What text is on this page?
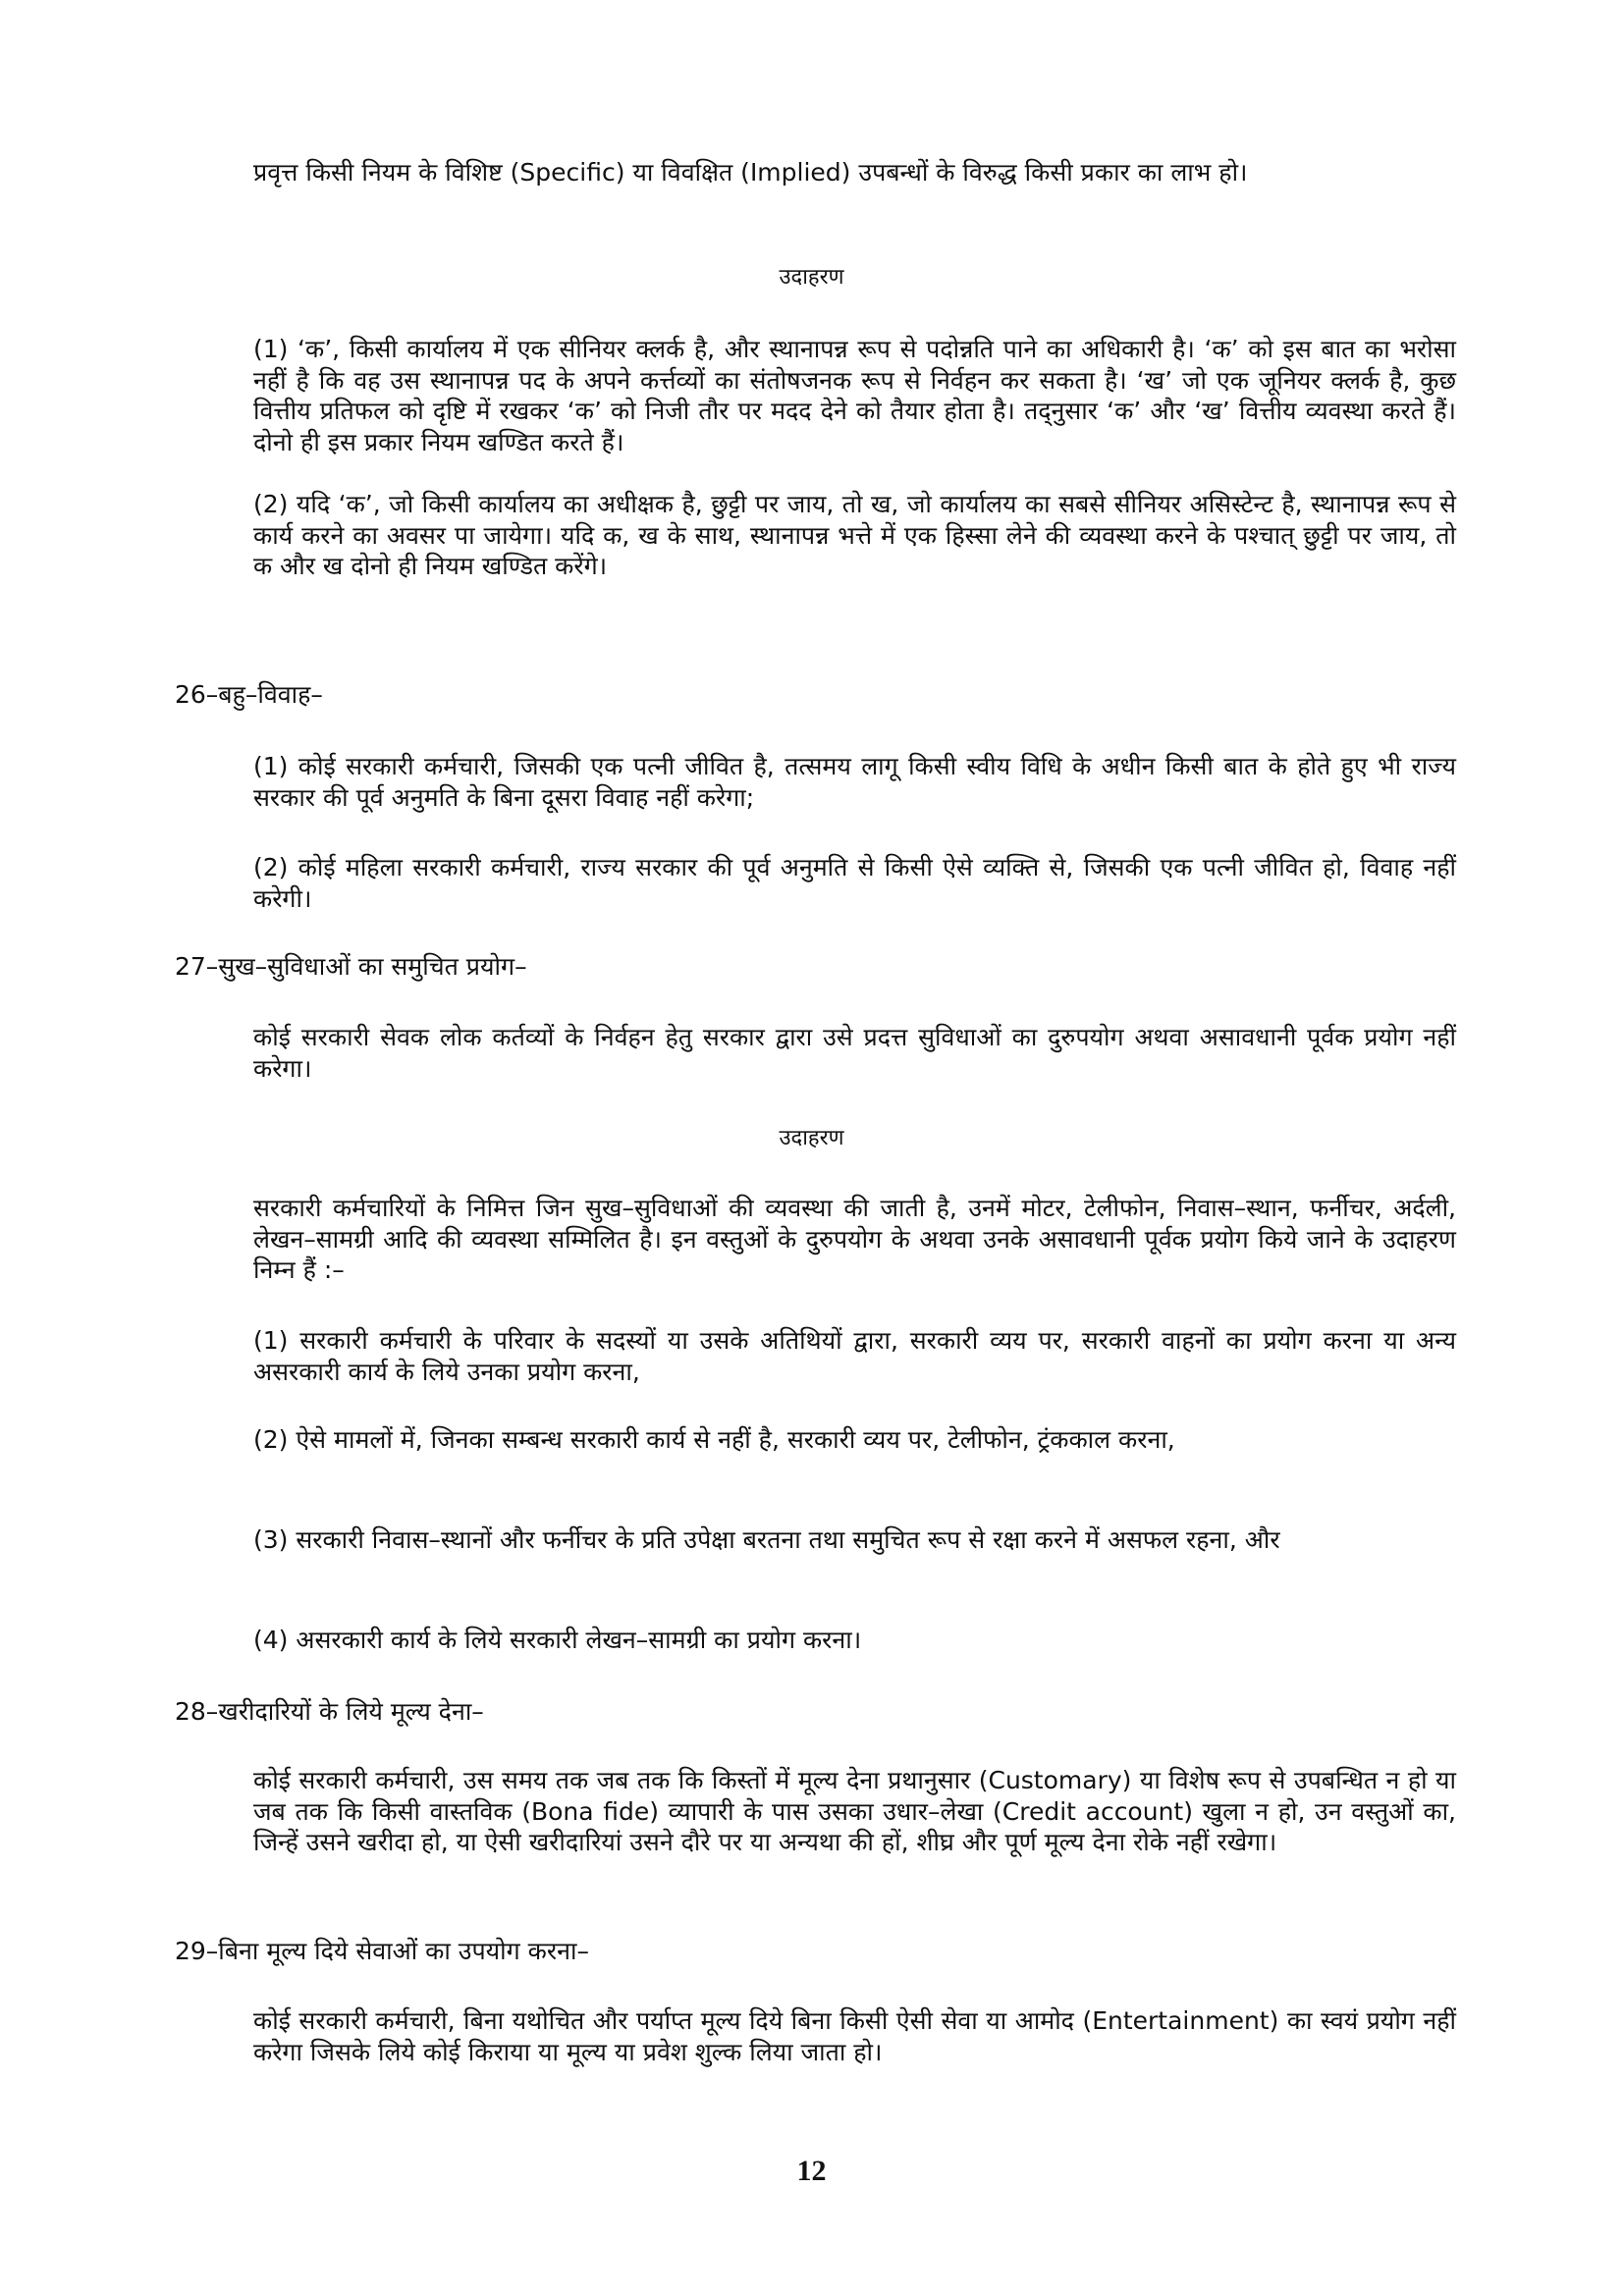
प्रवृत्त किसी नियम के विशिष्ट (Specific) या विवक्षित (Implied) उपबन्धों के विरुद्ध किसी प्रकार का लाभ हो।
उदाहरण
(1) ‘क’, किसी कार्यालय में एक सीनियर क्लर्क है, और स्थानापन्न रूप से पदोन्नति पाने का अधिकारी है। ‘क’ को इस बात का भरोसा नहीं है कि वह उस स्थानापन्न पद के अपने कर्त्तव्यों का संतोषजनक रूप से निर्वहन कर सकता है। ‘ख’ जो एक जूनियर क्लर्क है, कुछ वित्तीय प्रतिफल को दृष्टि में रखकर ‘क’ को निजी तौर पर मदद देने को तैयार होता है। तद्नुसार ‘क’ और ‘ख’ वित्तीय व्यवस्था करते हैं। दोनो ही इस प्रकार नियम खण्डित करते हैं।
(2) यदि ‘क’, जो किसी कार्यालय का अधीक्षक है, छुट्टी पर जाय, तो ख, जो कार्यालय का सबसे सीनियर असिस्टेन्ट है, स्थानापन्न रूप से कार्य करने का अवसर पा जायेगा। यदि क, ख के साथ, स्थानापन्न भत्ते में एक हिस्सा लेने की व्यवस्था करने के पश्चात् छुट्टी पर जाय, तो क और ख दोनो ही नियम खण्डित करेंगे।
26–बहु–विवाह–
(1) कोई सरकारी कर्मचारी, जिसकी एक पत्नी जीवित है, तत्समय लागू किसी स्वीय विधि के अधीन किसी बात के होते हुए भी राज्य सरकार की पूर्व अनुमति के बिना दूसरा विवाह नहीं करेगा;
(2) कोई महिला सरकारी कर्मचारी, राज्य सरकार की पूर्व अनुमति से किसी ऐसे व्यक्ति से, जिसकी एक पत्नी जीवित हो, विवाह नहीं करेगी।
27–सुख–सुविधाओं का समुचित प्रयोग–
कोई सरकारी सेवक लोक कर्तव्यों के निर्वहन हेतु सरकार द्वारा उसे प्रदत्त सुविधाओं का दुरुपयोग अथवा असावधानी पूर्वक प्रयोग नहीं करेगा।
उदाहरण
सरकारी कर्मचारियों के निमित्त जिन सुख–सुविधाओं की व्यवस्था की जाती है, उनमें मोटर, टेलीफोन, निवास–स्थान, फर्नीचर, अर्दली, लेखन–सामग्री आदि की व्यवस्था सम्मिलित है। इन वस्तुओं के दुरुपयोग के अथवा उनके असावधानी पूर्वक प्रयोग किये जाने के उदाहरण निम्न हैं :–
(1) सरकारी कर्मचारी के परिवार के सदस्यों या उसके अतिथियों द्वारा, सरकारी व्यय पर, सरकारी वाहनों का प्रयोग करना या अन्य असरकारी कार्य के लिये उनका प्रयोग करना,
(2) ऐसे मामलों में, जिनका सम्बन्ध सरकारी कार्य से नहीं है, सरकारी व्यय पर, टेलीफोन, ट्रंककाल करना,
(3) सरकारी निवास–स्थानों और फर्नीचर के प्रति उपेक्षा बरतना तथा समुचित रूप से रक्षा करने में असफल रहना, और
(4) असरकारी कार्य के लिये सरकारी लेखन–सामग्री का प्रयोग करना।
28–खरीदारियों के लिये मूल्य देना–
कोई सरकारी कर्मचारी, उस समय तक जब तक कि किस्तों में मूल्य देना प्रथानुसार (Customary) या विशेष रूप से उपबन्धित न हो या जब तक कि किसी वास्तविक (Bona fide) व्यापारी के पास उसका उधार–लेखा (Credit account) खुला न हो, उन वस्तुओं का, जिन्हें उसने खरीदा हो, या ऐसी खरीदारियां उसने दौरे पर या अन्यथा की हों, शीघ्र और पूर्ण मूल्य देना रोके नहीं रखेगा।
29–बिना मूल्य दिये सेवाओं का उपयोग करना–
कोई सरकारी कर्मचारी, बिना यथोचित और पर्याप्त मूल्य दिये बिना किसी ऐसी सेवा या आमोद (Entertainment) का स्वयं प्रयोग नहीं करेगा जिसके लिये कोई किराया या मूल्य या प्रवेश शुल्क लिया जाता हो।
12
